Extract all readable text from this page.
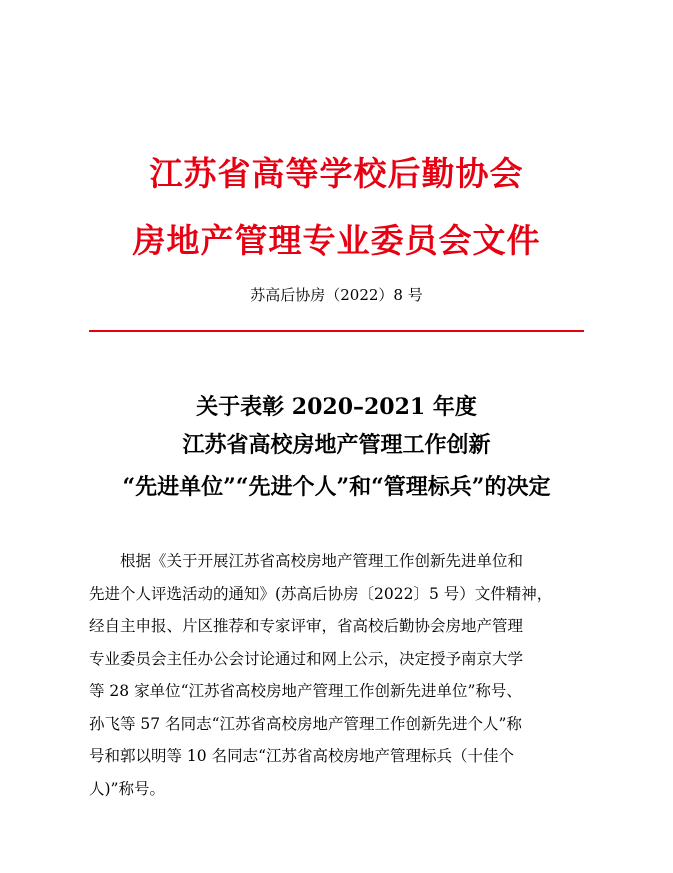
江苏省高等学校后勤协会
房地产管理专业委员会文件
苏高后协房（2022）8 号
关于表彰 2020–2021 年度
江苏省高校房地产管理工作创新
“先进单位”“先进个人”和“管理标兵”的决定
根据《关于开展江苏省高校房地产管理工作创新先进单位和
先进个人评选活动的通知》(苏高后协房〔2022〕5 号）文件精神，
经自主申报、片区推荐和专家评审，省高校后勤协会房地产管理
专业委员会主任办公会讨论通过和网上公示，决定授予南京大学
等 28 家单位“江苏省高校房地产管理工作创新先进单位”称号、
孙飞等 57 名同志“江苏省高校房地产管理工作创新先进个人”称
号和郭以明等 10 名同志“江苏省高校房地产管理标兵（十佳个
人)”称号。
